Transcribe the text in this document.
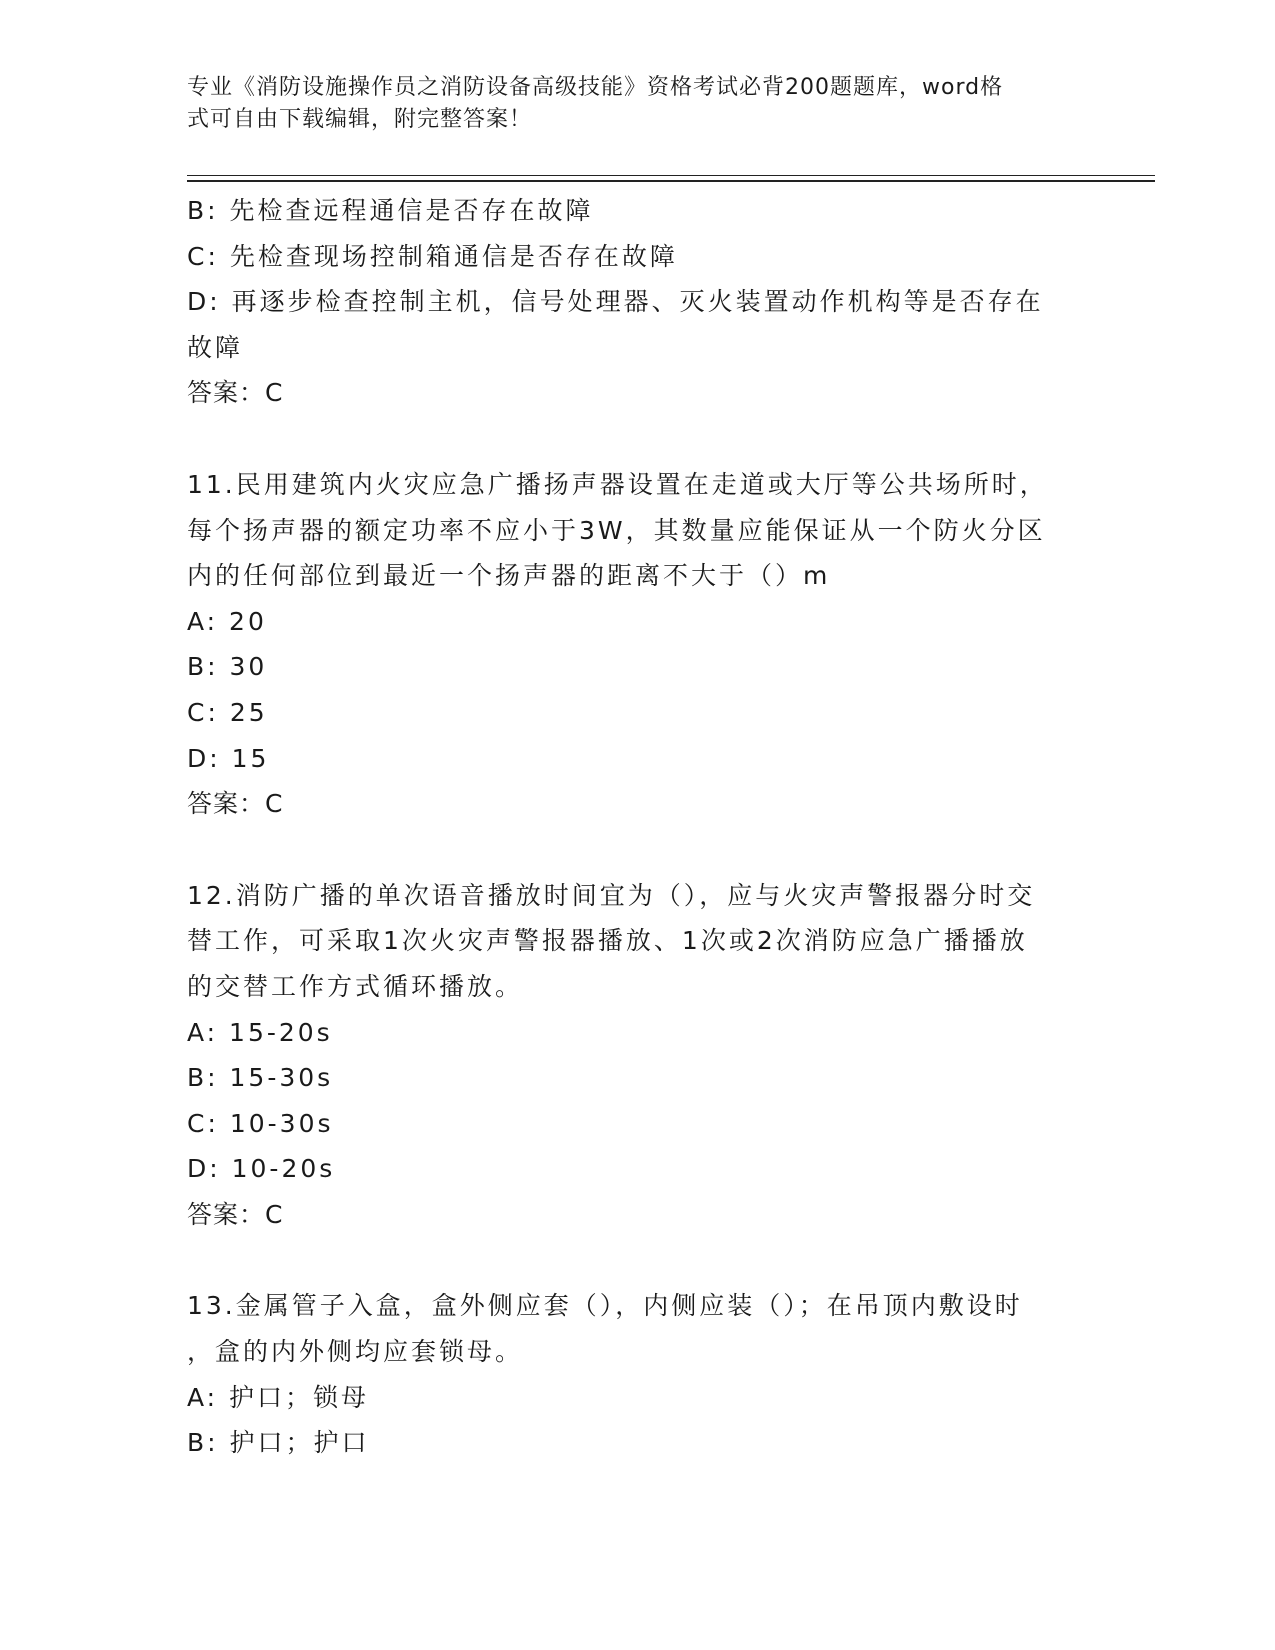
专业《消防设施操作员之消防设备高级技能》资格考试必背200题题库，word格
式可自由下载编辑，附完整答案！
B: 先检查远程通信是否存在故障
C: 先检查现场控制箱通信是否存在故障
D: 再逐步检查控制主机，信号处理器、灭火装置动作机构等是否存在
故障
答案：C
11.民用建筑内火灾应急广播扬声器设置在走道或大厅等公共场所时，
每个扬声器的额定功率不应小于3W，其数量应能保证从一个防火分区
内的任何部位到最近一个扬声器的距离不大于（）m
A: 20
B: 30
C: 25
D: 15
答案：C
12.消防广播的单次语音播放时间宜为（），应与火灾声警报器分时交
替工作，可采取1次火灾声警报器播放、1次或2次消防应急广播播放
的交替工作方式循环播放。
A: 15-20s
B: 15-30s
C: 10-30s
D: 10-20s
答案：C
13.金属管子入盒，盒外侧应套（），内侧应装（）；在吊顶内敷设时
，盒的内外侧均应套锁母。
A: 护口；锁母
B: 护口；护口
